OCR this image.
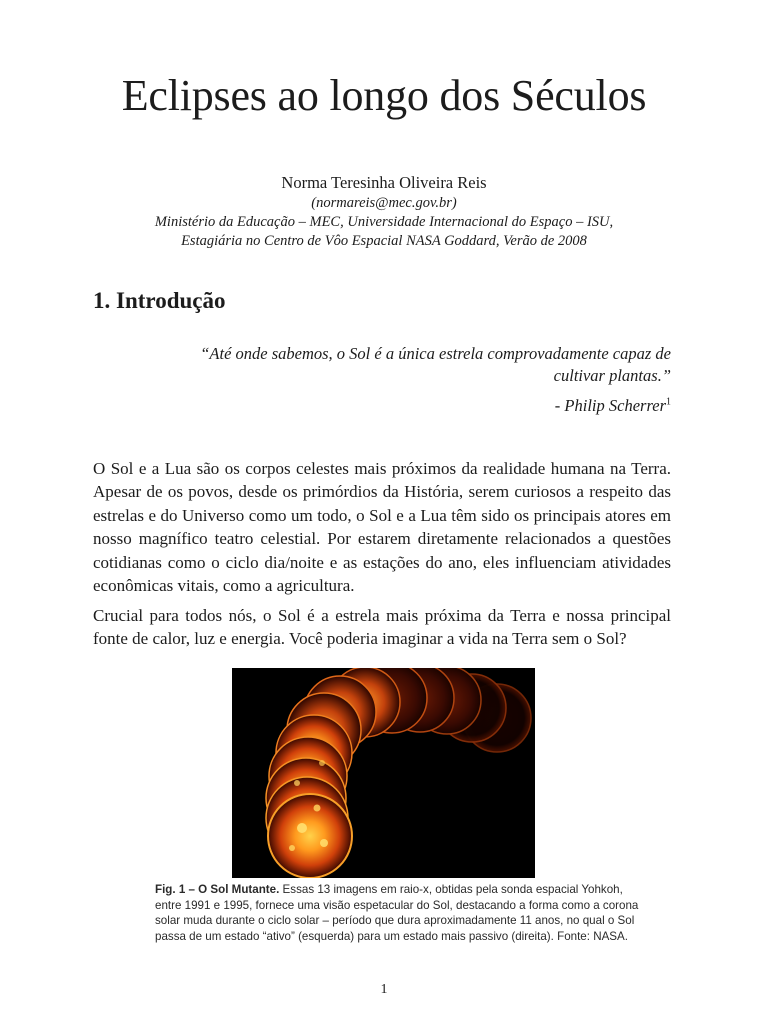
Eclipses ao longo dos Séculos
Norma Teresinha Oliveira Reis
(normareis@mec.gov.br)
Ministério da Educação – MEC, Universidade Internacional do Espaço – ISU,
Estagiária no Centro de Vôo Espacial NASA Goddard, Verão de 2008
1. Introdução
“Até onde sabemos, o Sol é a única estrela comprovadamente capaz de
cultivar plantas.”
- Philip Scherrer$^1$

O Sol e a Lua são os corpos celestes mais próximos da realidade humana na Terra. Apesar de os povos, desde os primórdios da História, serem curiosos a respeito das estrelas e do Universo como um todo, o Sol e a Lua têm sido os principais atores em nosso magnífico teatro celestial. Por estarem diretamente relacionados a questões cotidianas como o ciclo dia/noite e as estações do ano, eles influenciam atividades econômicas vitais, como a agricultura.

Crucial para todos nós, o Sol é a estrela mais próxima da Terra e nossa principal fonte de calor, luz e energia. Você poderia imaginar a vida na Terra sem o Sol?

Fig. 1 – O Sol Mutante. Essas 13 imagens em raio-x, obtidas pela sonda espacial Yohkoh, entre 1991 e 1995, fornece uma visão espetacular do Sol, destacando a forma como a corona solar muda durante o ciclo solar – período que dura aproximadamente 11 anos, no qual o Sol passa de um estado “ativo” (esquerda) para um estado mais passivo (direita). Fonte: NASA.
1
